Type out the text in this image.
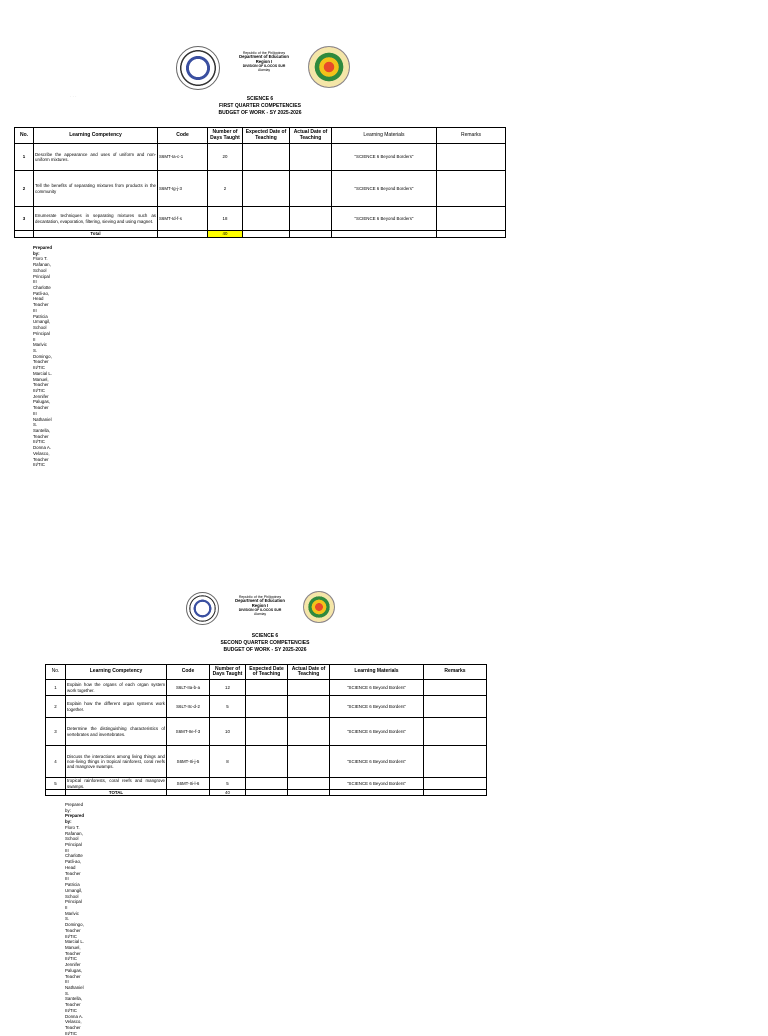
Republic of the Philippines
Department of Education
Region I
DIVISION OF ILOCOS SUR
Alamiay
·  ·  ·	SCIENCE 6
FIRST QUARTER COMPETENCIES
BUDGET OF WORK - SY 2025-2026
No.	Learning Competency	Code	Number of Days Taught	Expected Date of Teaching	Actual Date of Teaching	Learning Materials	Remarks
1	Describe the appearance and uses of uniform and non- uniform mixtures.	S6MT-Ia-c-1	20			"SCIENCE 6 Beyond Borders"	
2	Tell the benefits of separating mixtures from products in the community	S6MT-Ig-j-3	2			"SCIENCE 6 Beyond Borders"	
3	Enumerate techniques in separating mixtures such as decantation, evaporation, filtering, sieving and using magnet.	S6MT-Id-f-s	18			"SCIENCE 6 Beyond Borders"	
	Total		40				
Prepared by:
Floro T. Rafanan, School Principal III
Charlotte Patli-ao, Head Teacher III
Patricia Umangil, School Principal II
Marivic S. Domingo, Teacher III/TIC
Marcial L. Manuel, Teacher III/TIC
Jennifer Palugas, Teacher III
Nathaniel S. Santella, Teacher III/TIC
Donna A. Velasco, Teacher III/TIC
Republic of the Philippines
Department of Education
Region I
DIVISION OF ILOCOS SUR
Alamiay
SCIENCE 6
SECOND QUARTER COMPETENCIES
BUDGET OF WORK - SY 2025-2026
No.	Learning Competency	Code	Number of Days Taught	Expected Date of Teaching	Actual Date of Teaching	Learning Materials	Remarks
1	Explain how the organs of each organ system work together.	S6LT-IIa-b-a	12			"SCIENCE 6 Beyond Borders"	
2	Explain how the different organ systems work together.	S6LT-IIc-d-2	5			"SCIENCE 6 Beyond Borders"	
3	Determine the distinguishing characteristics of vertebrates and invertebrates.	S6MT-IIe-f-3	10			"SCIENCE 6 Beyond Borders"	
4	Discuss the interactions among living things and non-living things in tropical rainforest, coral reefs and mangrove swamps.	S6MT-IIi-j-5	8			"SCIENCE 6 Beyond Borders"	
5	tropical rainforests, coral reefs and mangrove swamps.	S6MT-IIi-l-6	5			"SCIENCE 6 Beyond Borders"	
	TOTAL		40				
Prepared by:
Prepared by:
Floro T. Rafanan, School Principal III
Charlotte Patli-ao, Head Teacher III
Patricia Umangil, School Principal II
Marivic S. Domingo, Teacher III/TIC
Marcial L. Manuel, Teacher III/TIC
Jennifer Palugas, Teacher III
Nathaniel S. Santella, Teacher III/TIC
Donna A. Velasco, Teacher III/TIC
